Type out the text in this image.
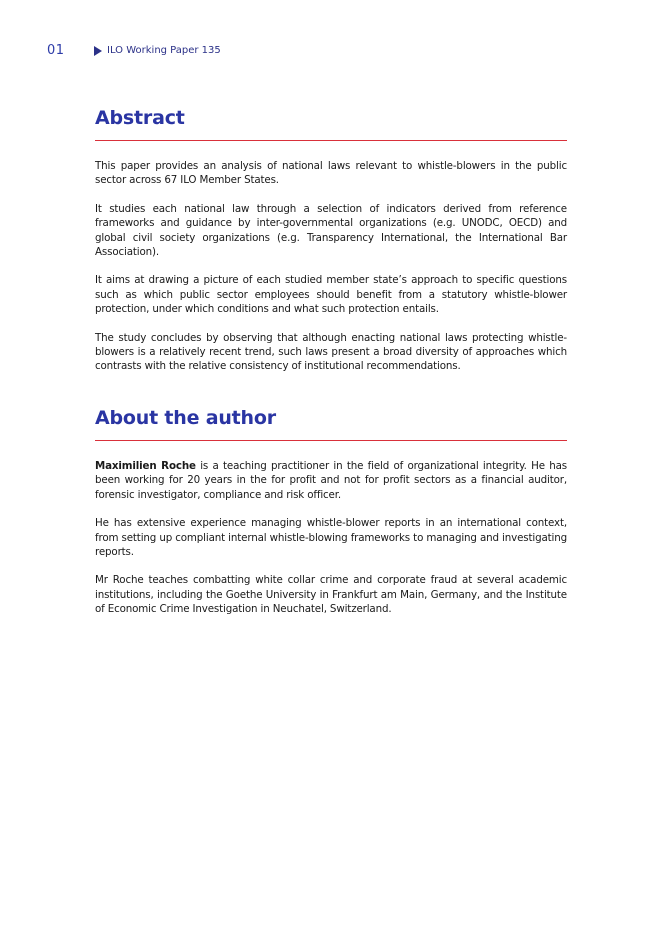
01	ILO Working Paper 135
Abstract

This paper provides an analysis of national laws relevant to whistle-blowers in the public sector across 67 ILO Member States.

It studies each national law through a selection of indicators derived from reference frameworks and guidance by inter-governmental organizations (e.g. UNODC, OECD) and global civil society organizations (e.g. Transparency International, the International Bar Association).

It aims at drawing a picture of each studied member state’s approach to specific questions such as which public sector employees should benefit from a statutory whistle-blower protection, under which conditions and what such protection entails.

The study concludes by observing that although enacting national laws protecting whistle-blowers is a relatively recent trend, such laws present a broad diversity of approaches which contrasts with the relative consistency of institutional recommendations.

About the author

Maximilien Roche is a teaching practitioner in the field of organizational integrity. He has been working for 20 years in the for profit and not for profit sectors as a financial auditor, forensic investigator, compliance and risk officer.

He has extensive experience managing whistle-blower reports in an international context, from setting up compliant internal whistle-blowing frameworks to managing and investigating reports.

Mr Roche teaches combatting white collar crime and corporate fraud at several academic institutions, including the Goethe University in Frankfurt am Main, Germany, and the Institute of Economic Crime Investigation in Neuchatel, Switzerland.
